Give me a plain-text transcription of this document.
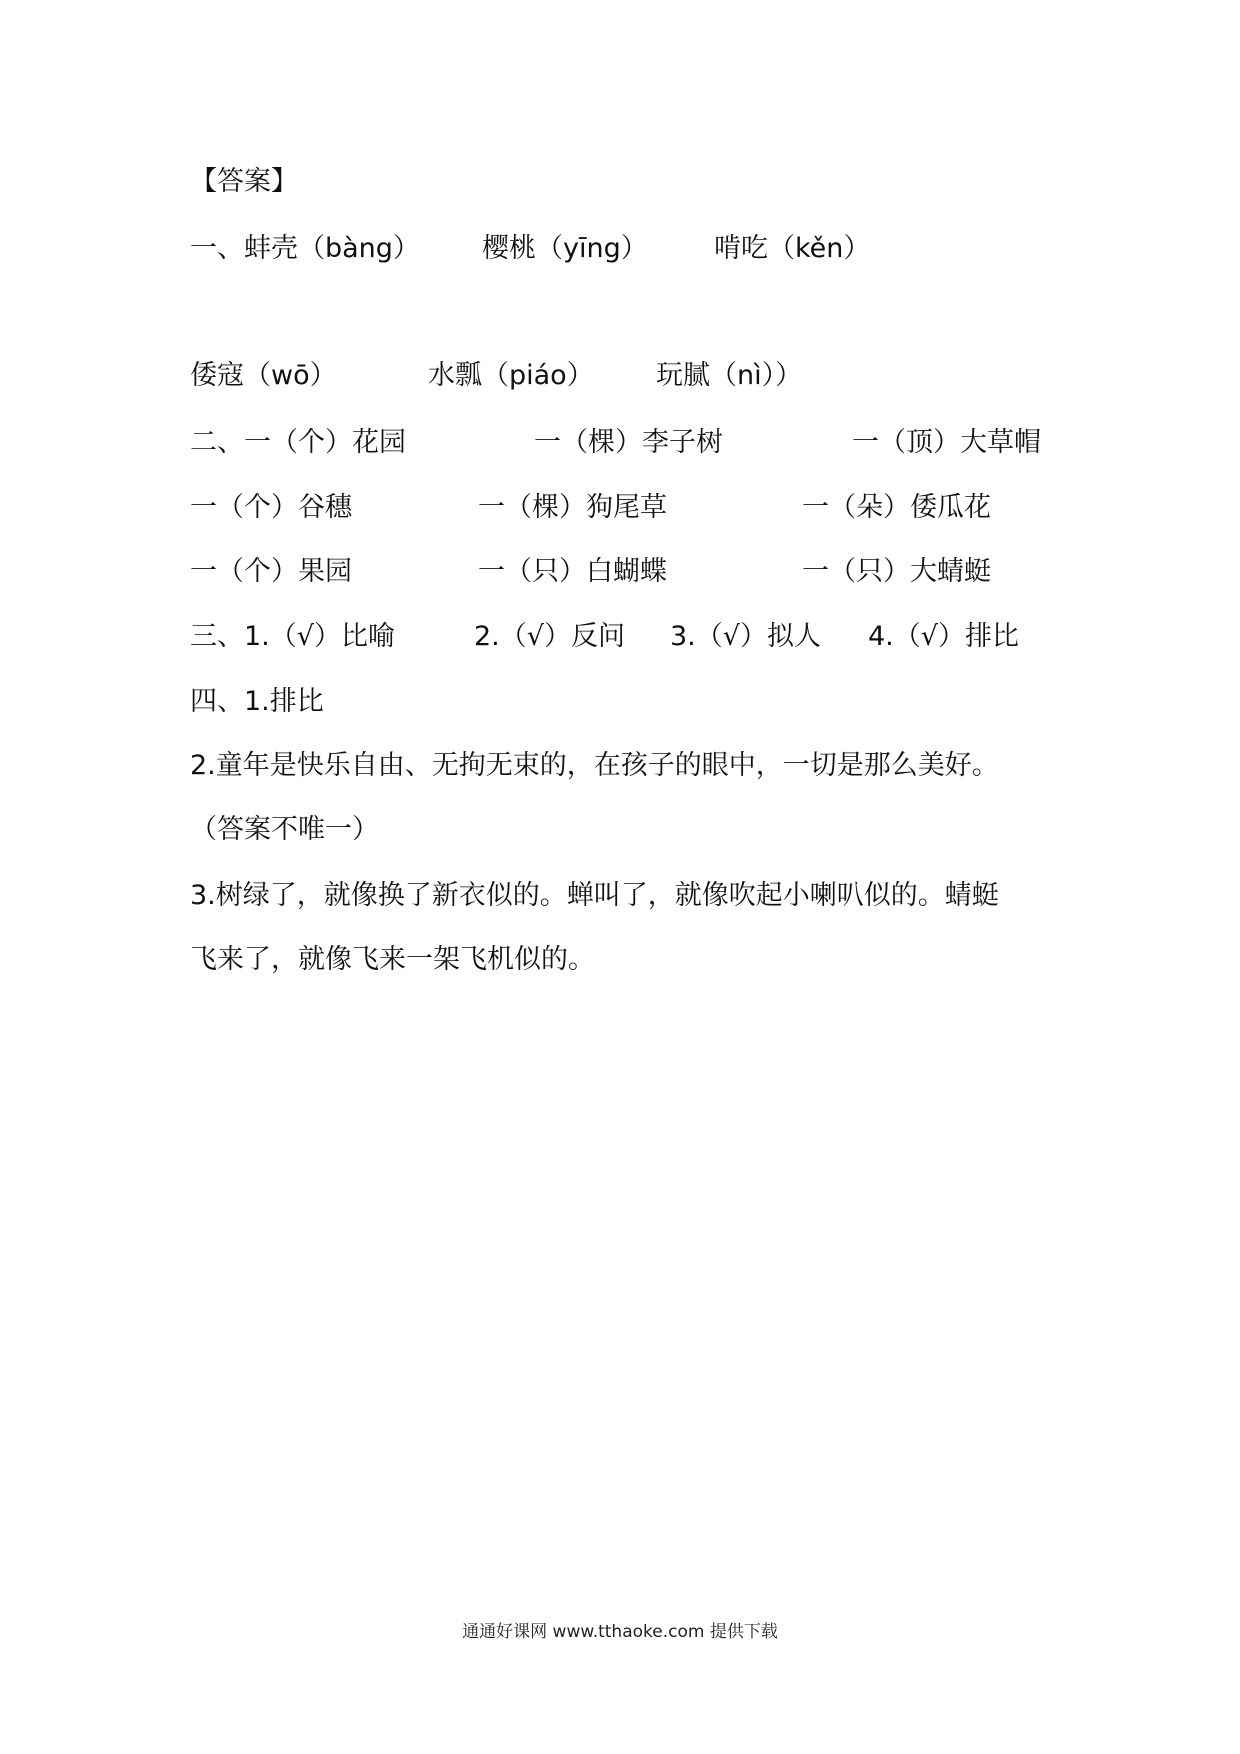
【答案】
一、蚌壳（bàng） 樱桃（yīng） 啃吃（kěn）
倭寇（wō）	水瓢（piáo） 玩腻（nì））
二、一（个）花园	一（棵）李子树	一（顶）大草帽
一（个）谷穗	一（棵）狗尾草	一（朵）倭瓜花
一（个）果园	一（只）白蝴蝶	一（只）大蜻蜓
三、1.（√）比喻	2.（√）反问 3.（√）拟人 4.（√）排比
四、1.排比
2.童年是快乐自由、无拘无束的，在孩子的眼中，一切是那么美好。
（答案不唯一）
3.树绿了，就像换了新衣似的。蝉叫了，就像吹起小喇叭似的。蜻蜓
飞来了，就像飞来一架飞机似的。
通通好课网 www.tthaoke.com 提供下载
